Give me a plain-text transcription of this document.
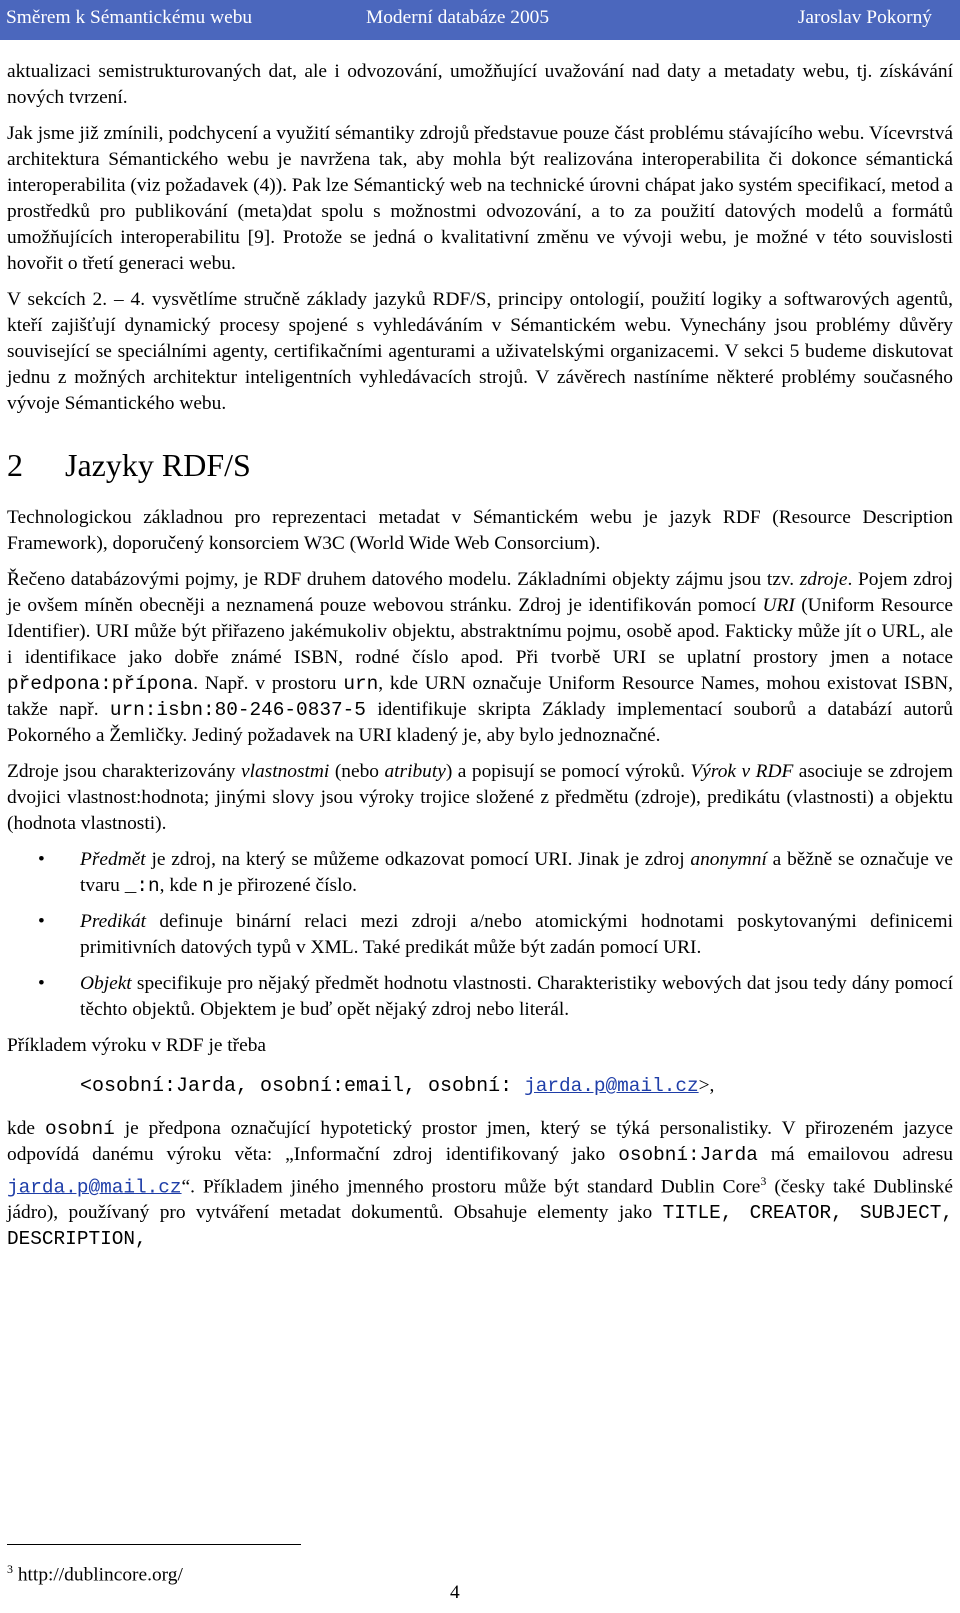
Směrem k Sémantickému webu	Moderní databáze 2005	Jaroslav Pokorný

aktualizaci semistrukturovaných dat, ale i odvozování, umožňující uvažování nad daty a metadaty webu, tj. získávání nových tvrzení.

Jak jsme již zmínili, podchycení a využití sémantiky zdrojů představue pouze část problému stávajícího webu. Vícevrstvá architektura Sémantického webu je navržena tak, aby mohla být realizována interoperabilita či dokonce sémantická interoperabilita (viz požadavek (4)). Pak lze Sémantický web na technické úrovni chápat jako systém specifikací, metod a prostředků pro publikování (meta)dat spolu s možnostmi odvozování, a to za použití datových modelů a formátů umožňujících interoperabilitu [9]. Protože se jedná o kvalitativní změnu ve vývoji webu, je možné v této souvislosti hovořit o třetí generaci webu.

V sekcích 2. – 4. vysvětlíme stručně základy jazyků RDF/S, principy ontologií, použití logiky a softwarových agentů, kteří zajišťují dynamický procesy spojené s vyhledáváním v Sémantickém webu. Vynechány jsou problémy důvěry související se speciálními agenty, certifikačními agenturami a uživatelskými organizacemi. V sekci 5 budeme diskutovat jednu z možných architektur inteligentních vyhledávacích strojů. V závěrech nastíníme některé problémy současného vývoje Sémantického webu.

2 Jazyky RDF/S

Technologickou základnou pro reprezentaci metadat v Sémantickém webu je jazyk RDF (Resource Description Framework), doporučený konsorciem W3C (World Wide Web Consorcium).

Řečeno databázovými pojmy, je RDF druhem datového modelu. Základními objekty zájmu jsou tzv. zdroje. Pojem zdroj je ovšem míněn obecněji a neznamená pouze webovou stránku. Zdroj je identifikován pomocí URI (Uniform Resource Identifier). URI může být přiřazeno jakémukoliv objektu, abstraktnímu pojmu, osobě apod. Fakticky může jít o URL, ale i identifikace jako dobře známé ISBN, rodné číslo apod. Při tvorbě URI se uplatní prostory jmen a notace předpona:přípona. Např. v prostoru urn, kde URN označuje Uniform Resource Names, mohou existovat ISBN, takže např. urn:isbn:80-246-0837-5 identifikuje skripta Základy implementací souborů a databází autorů Pokorného a Žemličky. Jediný požadavek na URI kladený je, aby bylo jednoznačné.

Zdroje jsou charakterizovány vlastnostmi (nebo atributy) a popisují se pomocí výroků. Výrok v RDF asociuje se zdrojem dvojici vlastnost:hodnota; jinými slovy jsou výroky trojice složené z předmětu (zdroje), predikátu (vlastnosti) a objektu (hodnota vlastnosti).

• Předmět je zdroj, na který se můžeme odkazovat pomocí URI. Jinak je zdroj anonymní a běžně se označuje ve tvaru _:n, kde n je přirozené číslo.
• Predikát definuje binární relaci mezi zdroji a/nebo atomickými hodnotami poskytovanými definicemi primitivních datových typů v XML. Také predikát může být zadán pomocí URI.
• Objekt specifikuje pro nějaký předmět hodnotu vlastnosti. Charakteristiky webových dat jsou tedy dány pomocí těchto objektů. Objektem je buď opět nějaký zdroj nebo literál.

Příkladem výroku v RDF je třeba

<osobní:Jarda, osobní:email, osobní: jarda.p@mail.cz>,

kde osobní je předpona označující hypotetický prostor jmen, který se týká personalistiky. V přirozeném jazyce odpovídá danému výroku věta: „Informační zdroj identifikovaný jako osobní:Jarda má emailovou adresu jarda.p@mail.cz“. Příkladem jiného jmenného prostoru může být standard Dublin Core$^3$ (česky také Dublinské jádro), používaný pro vytváření metadat dokumentů. Obsahuje elementy jako TITLE, CREATOR, SUBJECT, DESCRIPTION,

$^3$ http://dublincore.org/
4
